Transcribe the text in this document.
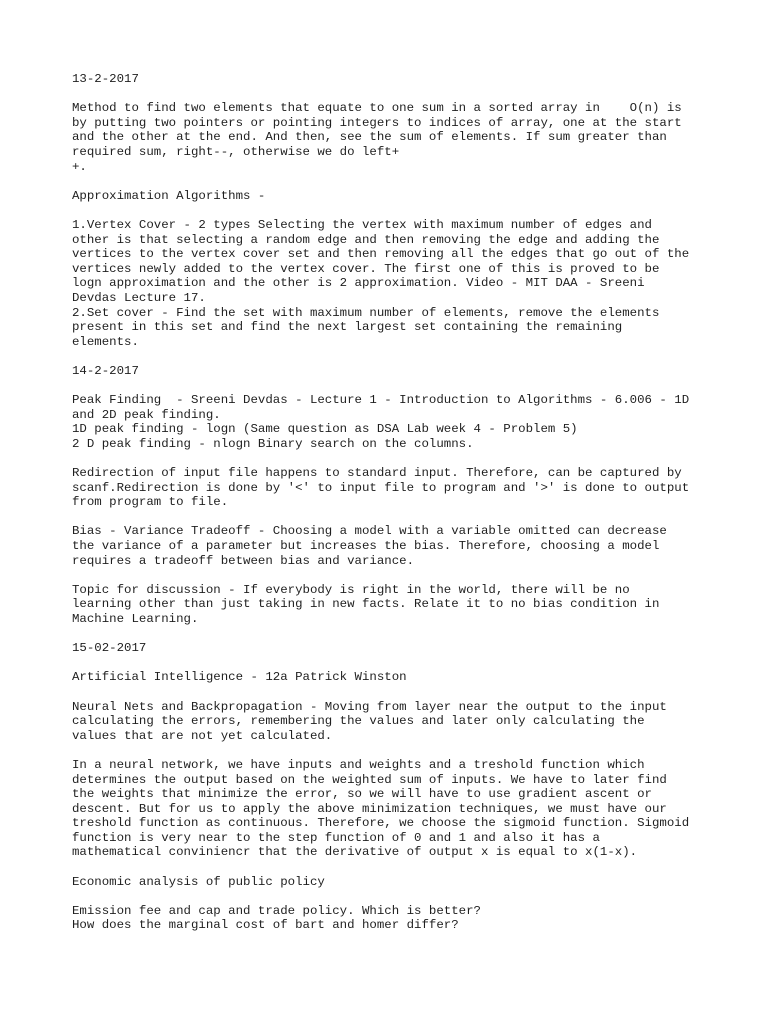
13-2-2017
Method to find two elements that equate to one sum in a sorted array in    O(n) is
by putting two pointers or pointing integers to indices of array, one at the start
and the other at the end. And then, see the sum of elements. If sum greater than
required sum, right--, otherwise we do left+
+.
Approximation Algorithms -
1.Vertex Cover - 2 types Selecting the vertex with maximum number of edges and
other is that selecting a random edge and then removing the edge and adding the
vertices to the vertex cover set and then removing all the edges that go out of the
vertices newly added to the vertex cover. The first one of this is proved to be
logn approximation and the other is 2 approximation. Video - MIT DAA - Sreeni
Devdas Lecture 17.
2.Set cover - Find the set with maximum number of elements, remove the elements
present in this set and find the next largest set containing the remaining
elements.
14-2-2017
Peak Finding  - Sreeni Devdas - Lecture 1 - Introduction to Algorithms - 6.006 - 1D
and 2D peak finding.
1D peak finding - logn (Same question as DSA Lab week 4 - Problem 5)
2 D peak finding - nlogn Binary search on the columns.
Redirection of input file happens to standard input. Therefore, can be captured by
scanf.Redirection is done by '<' to input file to program and '>' is done to output
from program to file.
Bias - Variance Tradeoff - Choosing a model with a variable omitted can decrease
the variance of a parameter but increases the bias. Therefore, choosing a model
requires a tradeoff between bias and variance.
Topic for discussion - If everybody is right in the world, there will be no
learning other than just taking in new facts. Relate it to no bias condition in
Machine Learning.
15-02-2017
Artificial Intelligence - 12a Patrick Winston
Neural Nets and Backpropagation - Moving from layer near the output to the input
calculating the errors, remembering the values and later only calculating the
values that are not yet calculated.
In a neural network, we have inputs and weights and a treshold function which
determines the output based on the weighted sum of inputs. We have to later find
the weights that minimize the error, so we will have to use gradient ascent or
descent. But for us to apply the above minimization techniques, we must have our
treshold function as continuous. Therefore, we choose the sigmoid function. Sigmoid
function is very near to the step function of 0 and 1 and also it has a
mathematical conviniencr that the derivative of output x is equal to x(1-x).
Economic analysis of public policy
Emission fee and cap and trade policy. Which is better?
How does the marginal cost of bart and homer differ?
